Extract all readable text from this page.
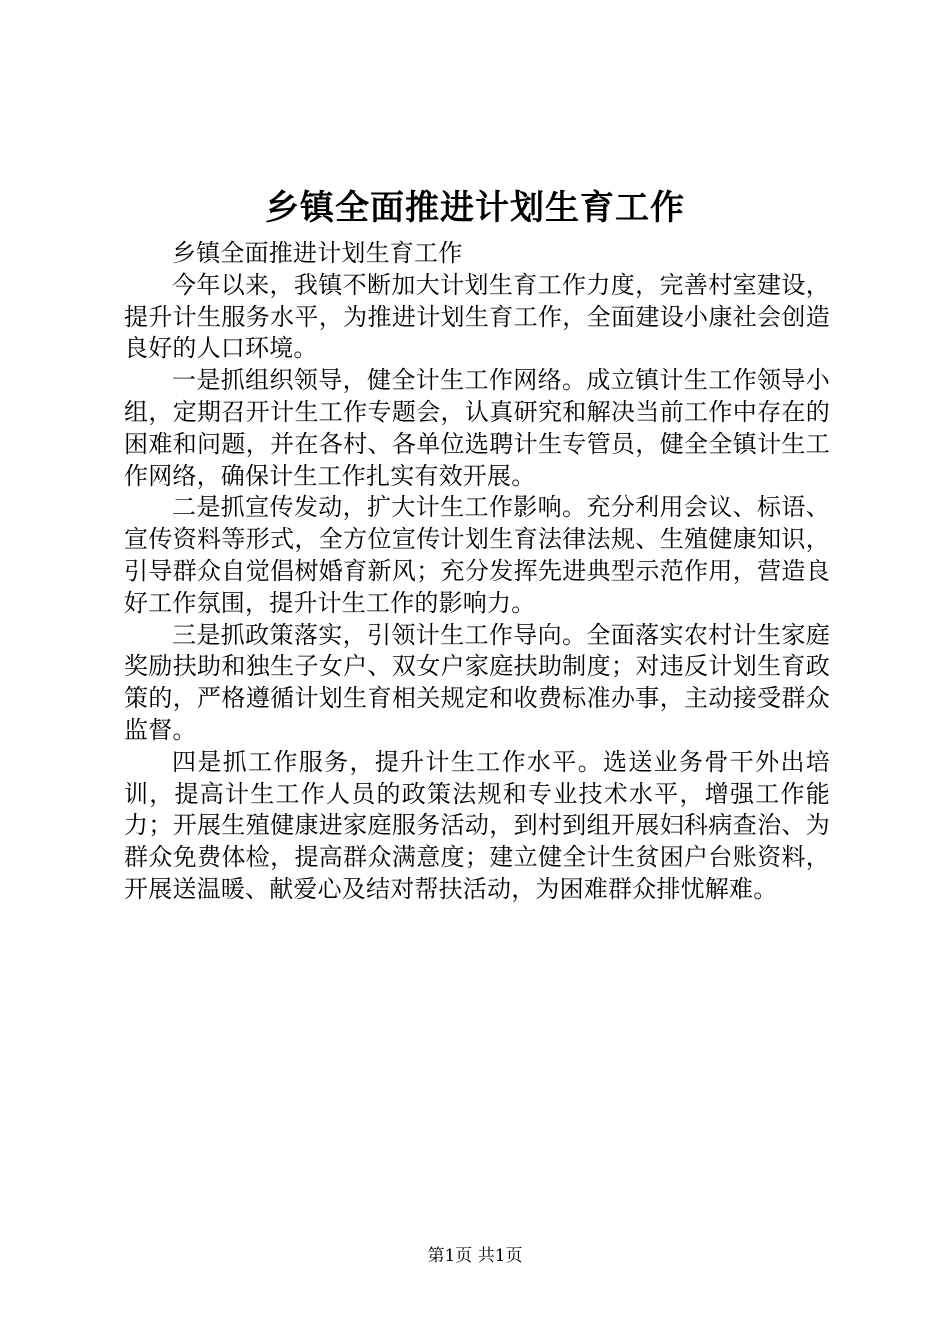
乡镇全面推进计划生育工作

乡镇全面推进计划生育工作

今年以来，我镇不断加大计划生育工作力度，完善村室建设，提升计生服务水平，为推进计划生育工作，全面建设小康社会创造良好的人口环境。

一是抓组织领导，健全计生工作网络。成立镇计生工作领导小组，定期召开计生工作专题会，认真研究和解决当前工作中存在的困难和问题，并在各村、各单位选聘计生专管员，健全全镇计生工作网络，确保计生工作扎实有效开展。

二是抓宣传发动，扩大计生工作影响。充分利用会议、标语、宣传资料等形式，全方位宣传计划生育法律法规、生殖健康知识，引导群众自觉倡树婚育新风；充分发挥先进典型示范作用，营造良好工作氛围，提升计生工作的影响力。

三是抓政策落实，引领计生工作导向。全面落实农村计生家庭奖励扶助和独生子女户、双女户家庭扶助制度；对违反计划生育政策的，严格遵循计划生育相关规定和收费标准办事，主动接受群众监督。

四是抓工作服务，提升计生工作水平。选送业务骨干外出培训，提高计生工作人员的政策法规和专业技术水平，增强工作能力；开展生殖健康进家庭服务活动，到村到组开展妇科病查治、为群众免费体检，提高群众满意度；建立健全计生贫困户台账资料，开展送温暖、献爱心及结对帮扶活动，为困难群众排忧解难。

第1页 共1页
